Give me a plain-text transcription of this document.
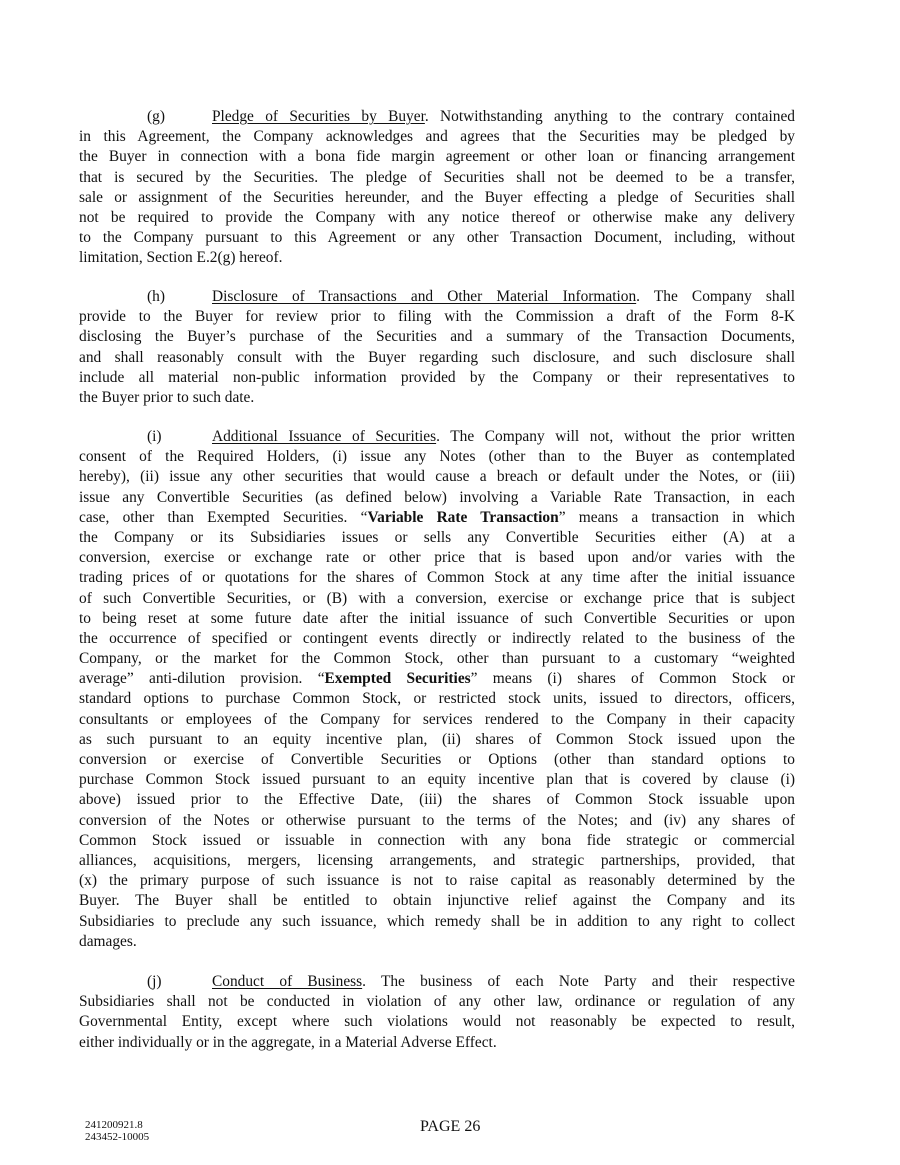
(g)	Pledge of Securities by Buyer. Notwithstanding anything to the contrary contained
in this Agreement, the Company acknowledges and agrees that the Securities may be pledged by
the Buyer in connection with a bona fide margin agreement or other loan or financing arrangement
that is secured by the Securities. The pledge of Securities shall not be deemed to be a transfer,
sale or assignment of the Securities hereunder, and the Buyer effecting a pledge of Securities shall
not be required to provide the Company with any notice thereof or otherwise make any delivery
to the Company pursuant to this Agreement or any other Transaction Document, including, without
limitation, Section E.2(g) hereof.
(h)	Disclosure of Transactions and Other Material Information. The Company shall
provide to the Buyer for review prior to filing with the Commission a draft of the Form 8-K
disclosing the Buyer’s purchase of the Securities and a summary of the Transaction Documents,
and shall reasonably consult with the Buyer regarding such disclosure, and such disclosure shall
include all material non-public information provided by the Company or their representatives to
the Buyer prior to such date.
(i)	Additional Issuance of Securities. The Company will not, without the prior written
consent of the Required Holders, (i) issue any Notes (other than to the Buyer as contemplated
hereby), (ii) issue any other securities that would cause a breach or default under the Notes, or (iii)
issue any Convertible Securities (as defined below) involving a Variable Rate Transaction, in each
case, other than Exempted Securities. “Variable Rate Transaction” means a transaction in which
the Company or its Subsidiaries issues or sells any Convertible Securities either (A) at a
conversion, exercise or exchange rate or other price that is based upon and/or varies with the
trading prices of or quotations for the shares of Common Stock at any time after the initial issuance
of such Convertible Securities, or (B) with a conversion, exercise or exchange price that is subject
to being reset at some future date after the initial issuance of such Convertible Securities or upon
the occurrence of specified or contingent events directly or indirectly related to the business of the
Company, or the market for the Common Stock, other than pursuant to a customary “weighted
average” anti-dilution provision. “Exempted Securities” means (i) shares of Common Stock or
standard options to purchase Common Stock, or restricted stock units, issued to directors, officers,
consultants or employees of the Company for services rendered to the Company in their capacity
as such pursuant to an equity incentive plan, (ii) shares of Common Stock issued upon the
conversion or exercise of Convertible Securities or Options (other than standard options to
purchase Common Stock issued pursuant to an equity incentive plan that is covered by clause (i)
above) issued prior to the Effective Date, (iii) the shares of Common Stock issuable upon
conversion of the Notes or otherwise pursuant to the terms of the Notes; and (iv) any shares of
Common Stock issued or issuable in connection with any bona fide strategic or commercial
alliances, acquisitions, mergers, licensing arrangements, and strategic partnerships, provided, that
(x) the primary purpose of such issuance is not to raise capital as reasonably determined by the
Buyer. The Buyer shall be entitled to obtain injunctive relief against the Company and its
Subsidiaries to preclude any such issuance, which remedy shall be in addition to any right to collect
damages.
(j)	Conduct of Business. The business of each Note Party and their respective
Subsidiaries shall not be conducted in violation of any other law, ordinance or regulation of any
Governmental Entity, except where such violations would not reasonably be expected to result,
either individually or in the aggregate, in a Material Adverse Effect.
241200921.8
243452-10005
PAGE 26
